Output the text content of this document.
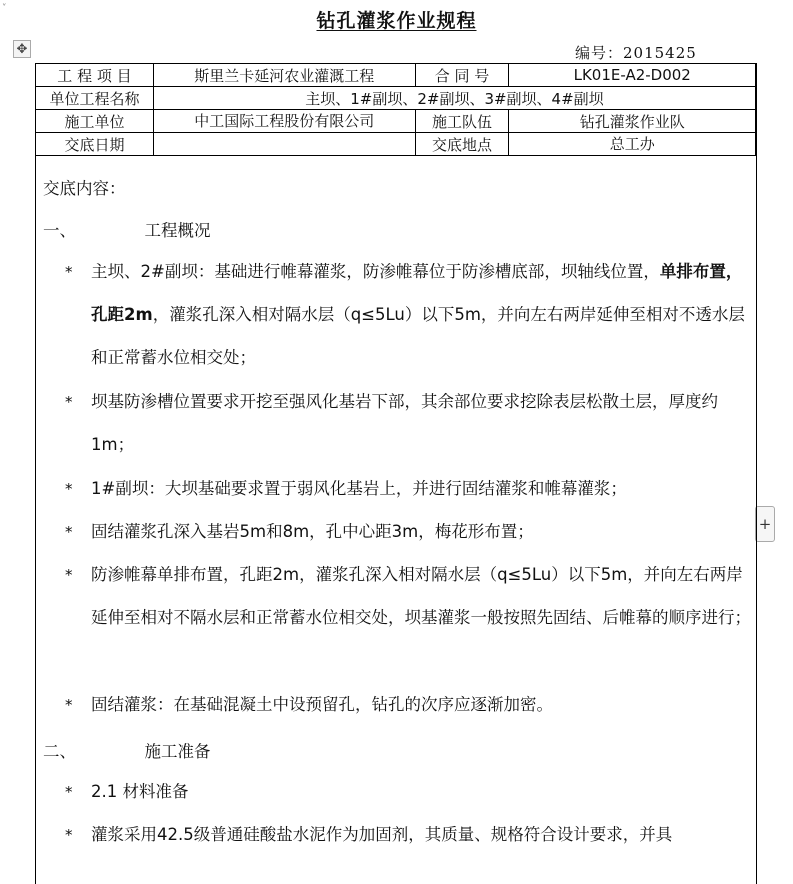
˅
✥
+
钻孔灌浆作业规程
编号：2015425
工 程 项 目	斯里兰卡延河农业灌溉工程	合 同 号	LK01E-A2-D002
单位工程名称	主坝、1#副坝、2#副坝、3#副坝、4#副坝		
施工单位	中工国际工程股份有限公司	施工队伍	钻孔灌浆作业队
交底日期		交底地点	总工办
交底内容：
一、	工程概况
* 主坝、2#副坝：基础进行帷幕灌浆，防渗帷幕位于防渗槽底部，坝轴线位置，单排布置，孔距2m，灌浆孔深入相对隔水层（q≤5Lu）以下5m，并向左右两岸延伸至相对不透水层和正常蓄水位相交处；
* 坝基防渗槽位置要求开挖至强风化基岩下部，其余部位要求挖除表层松散土层，厚度约1m；
* 1#副坝：大坝基础要求置于弱风化基岩上，并进行固结灌浆和帷幕灌浆；
* 固结灌浆孔深入基岩5m和8m，孔中心距3m，梅花形布置；
* 防渗帷幕单排布置，孔距2m，灌浆孔深入相对隔水层（q≤5Lu）以下5m，并向左右两岸延伸至相对不隔水层和正常蓄水位相交处，坝基灌浆一般按照先固结、后帷幕的顺序进行；
* 固结灌浆：在基础混凝土中设预留孔，钻孔的次序应逐渐加密。
二、	施工准备
* 2.1 材料准备
* 灌浆采用42.5级普通硅酸盐水泥作为加固剂，其质量、规格符合设计要求，并具
